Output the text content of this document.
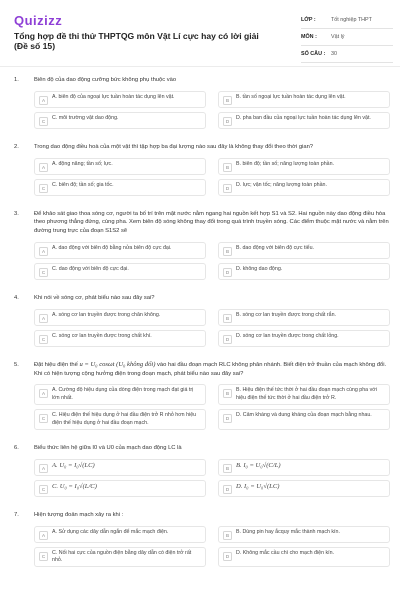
Quizizz
Tổng hợp đề thi thử THPTQG môn Vật Lí cực hay có lời giải (Đề số 15)
LỚP :	Tốt nghiệp THPT
MÔN :	Vật lý
SỐ CÂU :	30
1.	Biên độ của dao động cưỡng bức không phụ thuộc vào
A
A. biên độ của ngoại lực tuần hoàn tác dụng lên vật.
B
B. tần số ngoại lực tuần hoàn tác dụng lên vật.
C
C. môi trường vật dao động.
D
D. pha ban đầu của ngoại lực tuần hoàn tác dụng lên vật.
2.	Trong dao động điều hoà của một vật thì tập hợp ba đại lượng nào sau đây là không thay đổi theo thời gian?
A
A. động năng; tần số; lực.
B
B. biên độ; tần số; năng lượng toàn phần.
C
C. biên độ; tần số; gia tốc.
D
D. lực; vận tốc; năng lượng toàn phần.
3.	Để khảo sát giao thoa sóng cơ, người ta bố trí trên mặt nước nằm ngang hai nguồn kết hợp S1 và S2. Hai nguồn này dao động điều hòa theo phương thẳng đứng, cùng pha. Xem biên độ sóng không thay đổi trong quá trình truyền sóng. Các điểm thuộc mặt nước và nằm trên đường trung trực của đoạn S1S2 sẽ
A
A. dao động với biên độ bằng nửa biên độ cực đại.
B
B. dao động với biên độ cực tiểu.
C
C. dao động với biên độ cực đại.
D
D. không dao động.
4.	Khi nói về sóng cơ, phát biểu nào sau đây sai?
A
A. sóng cơ lan truyền được trong chân không.
B
B. sóng cơ lan truyền được trong chất rắn.
C
C. sóng cơ lan truyền được trong chất khí.
D
D. sóng cơ lan truyền được trong chất lỏng.
5.	Đặt hiệu điện thế u = U₀ cosωt (U₀ không đổi) vào hai đầu đoạn mạch RLC không phân nhánh. Biết điện trở thuần của mạch không đổi. Khi có hiện tượng cộng hưởng điện trong đoạn mạch, phát biểu nào sau đây sai?
A
A. Cường độ hiệu dụng của dòng điện trong mạch đạt giá trị lớn nhất.
B
B. Hiệu điện thế tức thời ở hai đầu đoạn mạch cùng pha với hiệu điện thế tức thời ở hai đầu điện trở R.
C
C. Hiệu điện thế hiệu dụng ở hai đầu điện trở R nhỏ hơn hiệu điện thế hiệu dụng ở hai đầu đoạn mạch.
D
D. Cảm kháng và dung kháng của đoạn mạch bằng nhau.
6.	Biểu thức liên hệ giữa I0 và U0 của mạch dao động LC là
A	A. U₀ = I₀√(LC)	B	B. I₀ = U₀√(C/L)
C	C. U₀ = I₀√(L/C)	D	D. I₀ = U₀√(LC)
7.	Hiện tượng đoản mạch xảy ra khi :
A
A. Sử dụng các dây dẫn ngắn để mắc mạch điện.
B
B. Dùng pin hay ắcquy mắc thành mạch kín.
C
C. Nối hai cực của nguồn điện bằng dây dẫn có điện trở rất nhỏ.
D
D. Không mắc cầu chì cho mạch điện kín.
